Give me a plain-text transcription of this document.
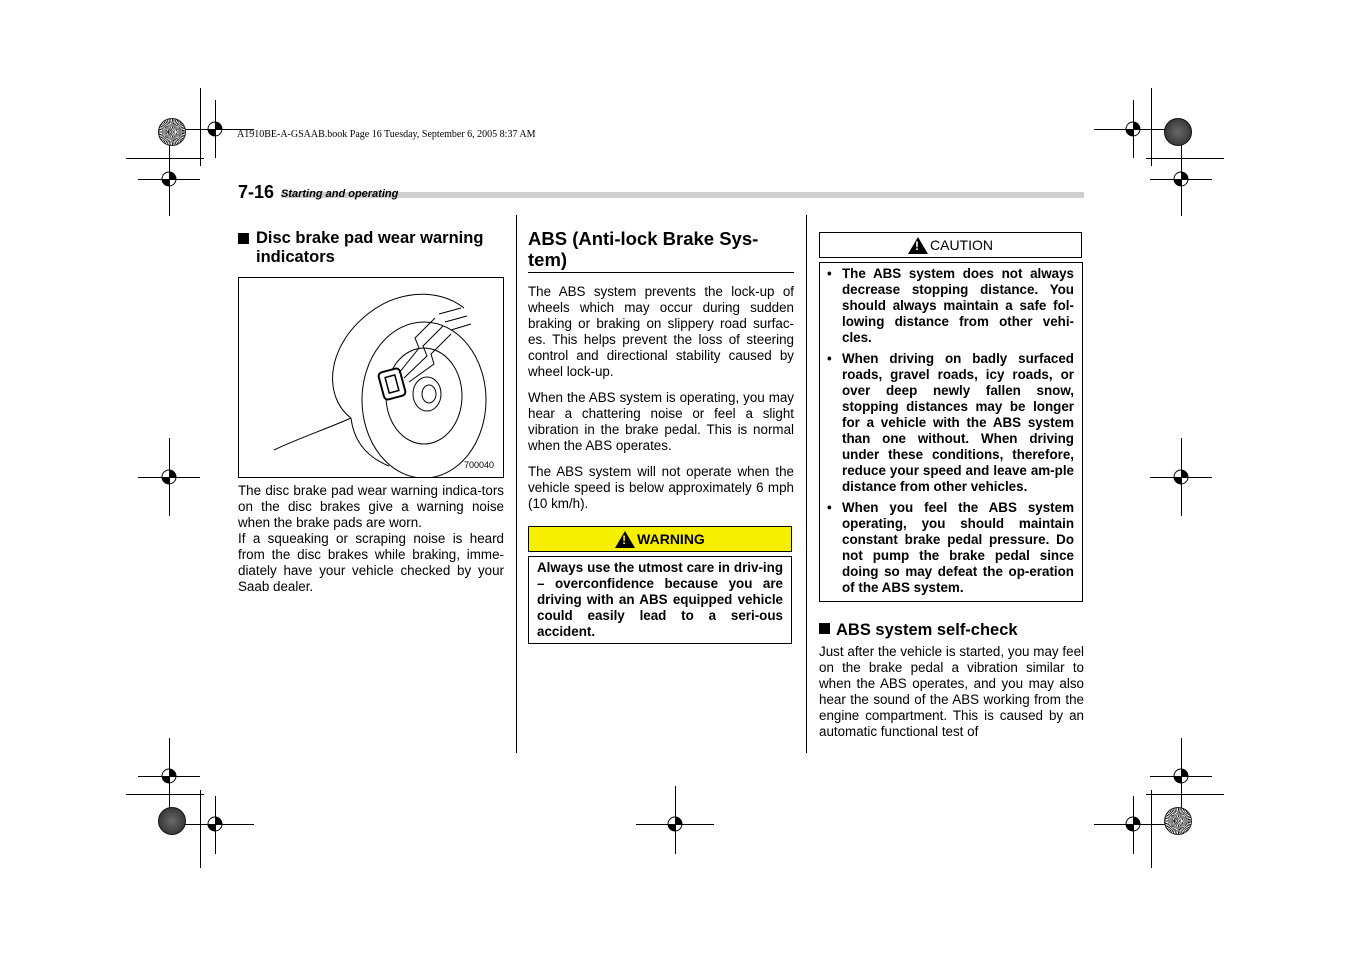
A1910BE-A-GSAAB.book Page 16 Tuesday, September 6, 2005 8:37 AM
7-16 Starting and operating
Disc brake pad wear warning indicators
700040

The disc brake pad wear warning indica-tors on the disc brakes give a warning noise when the brake pads are worn.

If a squeaking or scraping noise is heard from the disc brakes while braking, imme-diately have your vehicle checked by your Saab dealer.

ABS (Anti-lock Brake Sys-tem)

The ABS system prevents the lock-up of wheels which may occur during sudden braking or braking on slippery road surfac-es. This helps prevent the loss of steering control and directional stability caused by wheel lock-up.

When the ABS system is operating, you may hear a chattering noise or feel a slight vibration in the brake pedal. This is normal when the ABS operates.

The ABS system will not operate when the vehicle speed is below approximately 6 mph (10 km/h).

!
WARNING

Always use the utmost care in driv-ing – overconfidence because you are driving with an ABS equipped vehicle could easily lead to a seri-ous accident.

!
CAUTION
• The ABS system does not always decrease stopping distance. You should always maintain a safe fol-lowing distance from other vehi-cles.
• When driving on badly surfaced roads, gravel roads, icy roads, or over deep newly fallen snow, stopping distances may be longer for a vehicle with the ABS system than one without. When driving under these conditions, therefore, reduce your speed and leave am-ple distance from other vehicles.
• When you feel the ABS system operating, you should maintain constant brake pedal pressure. Do not pump the brake pedal since doing so may defeat the op-eration of the ABS system.
ABS system self-check

Just after the vehicle is started, you may feel on the brake pedal a vibration similar to when the ABS operates, and you may also hear the sound of the ABS working from the engine compartment. This is caused by an automatic functional test of
